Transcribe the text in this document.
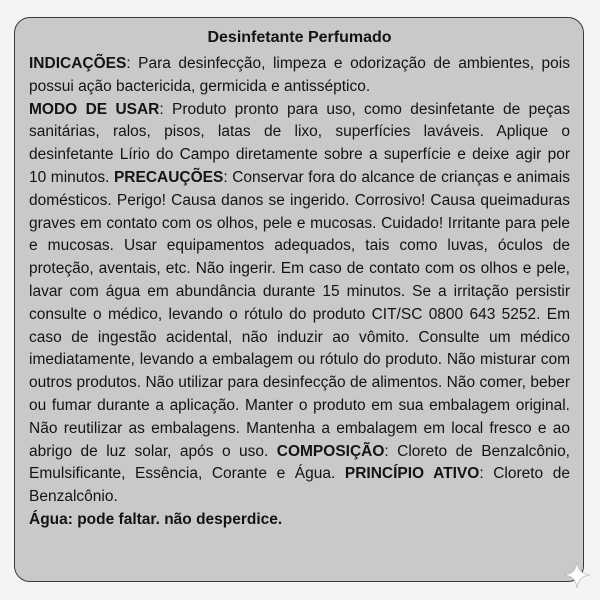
Desinfetante Perfumado

INDICAÇÕES: Para desinfecção, limpeza e odorização de ambientes, pois possui ação bactericida, germicida e antisséptico.
MODO DE USAR: Produto pronto para uso, como desinfetante de peças sanitárias, ralos, pisos, latas de lixo, superfícies laváveis. Aplique o desinfetante Lírio do Campo diretamente sobre a superfície e deixe agir por 10 minutos. PRECAUÇÕES: Conservar fora do alcance de crianças e animais domésticos. Perigo! Causa danos se ingerido. Corrosivo! Causa queimaduras graves em contato com os olhos, pele e mucosas. Cuidado! Irritante para pele e mucosas. Usar equipamentos adequados, tais como luvas, óculos de proteção, aventais, etc. Não ingerir. Em caso de contato com os olhos e pele, lavar com água em abundância durante 15 minutos. Se a irritação persistir consulte o médico, levando o rótulo do produto CIT/SC 0800 643 5252. Em caso de ingestão acidental, não induzir ao vômito. Consulte um médico imediatamente, levando a embalagem ou rótulo do produto. Não misturar com outros produtos. Não utilizar para desinfecção de alimentos. Não comer, beber ou fumar durante a aplicação. Manter o produto em sua embalagem original. Não reutilizar as embalagens. Mantenha a embalagem em local fresco e ao abrigo de luz solar, após o uso. COMPOSIÇÃO: Cloreto de Benzalcônio, Emulsificante, Essência, Corante e Água. PRINCÍPIO ATIVO: Cloreto de Benzalcônio.
Água: pode faltar. não desperdice.
